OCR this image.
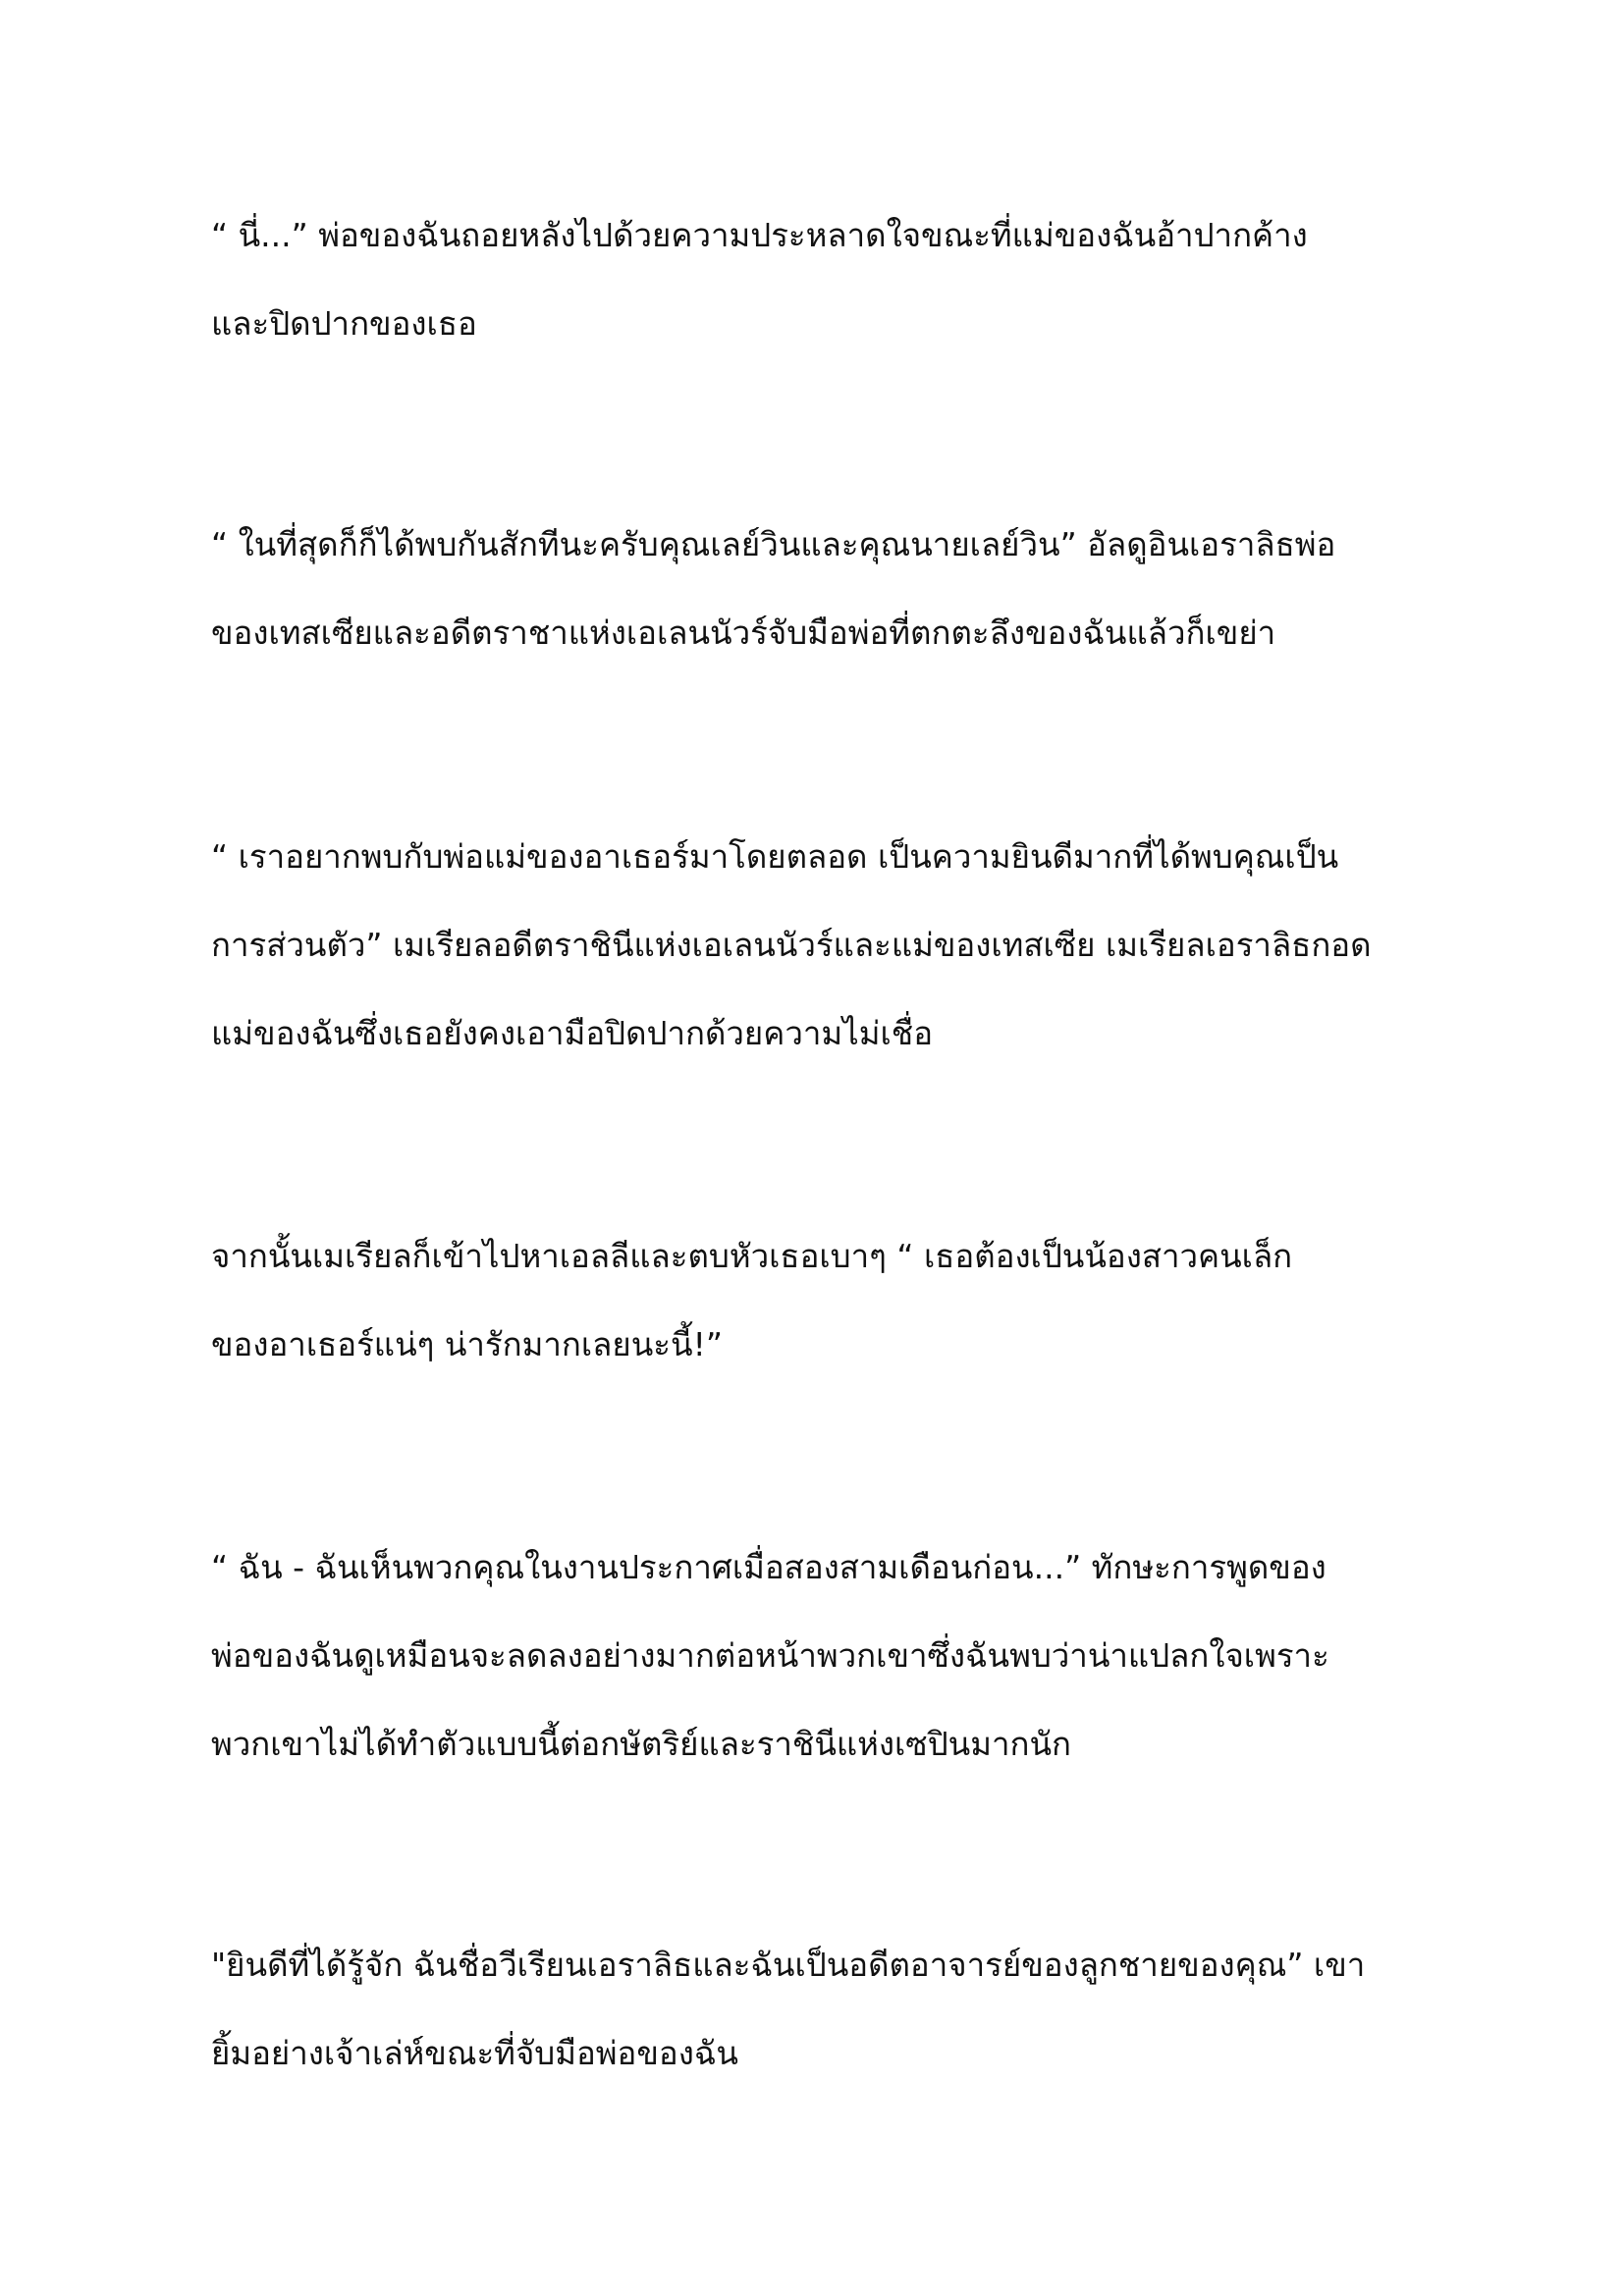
“ นี่...” พ่อของฉันถอยหลังไปด้วยความประหลาดใจขณะที่แม่ของฉันอ้าปากค้าง
และปิดปากของเธอ

“ ในที่สุดก็ก็ได้พบกันสักทีนะครับคุณเลย์วินและคุณนายเลย์วิน” อัลดูอินเอราลิธพ่อ
ของเทสเซียและอดีตราชาแห่งเอเลนนัวร์จับมือพ่อที่ตกตะลึงของฉันแล้วก็เขย่า

“ เราอยากพบกับพ่อแม่ของอาเธอร์มาโดยตลอด เป็นความยินดีมากที่ได้พบคุณเป็น
การส่วนตัว” เมเรียลอดีตราชินีแห่งเอเลนนัวร์และแม่ของเทสเซีย เมเรียลเอราลิธกอด
แม่ของฉันซึ่งเธอยังคงเอามือปิดปากด้วยความไม่เชื่อ

จากนั้นเมเรียลก็เข้าไปหาเอลลีและตบหัวเธอเบาๆ “ เธอต้องเป็นน้องสาวคนเล็ก
ของอาเธอร์แน่ๆ น่ารักมากเลยนะนี้!”

“ ฉัน - ฉันเห็นพวกคุณในงานประกาศเมื่อสองสามเดือนก่อน...” ทักษะการพูดของ
พ่อของฉันดูเหมือนจะลดลงอย่างมากต่อหน้าพวกเขาซึ่งฉันพบว่าน่าแปลกใจเพราะ
พวกเขาไม่ได้ทำตัวแบบนี้ต่อกษัตริย์และราชินีแห่งเซปินมากนัก

"ยินดีที่ได้รู้จัก ฉันชื่อวีเรียนเอราลิธและฉันเป็นอดีตอาจารย์ของลูกชายของคุณ” เขา
ยิ้มอย่างเจ้าเล่ห์ขณะที่จับมือพ่อของฉัน
